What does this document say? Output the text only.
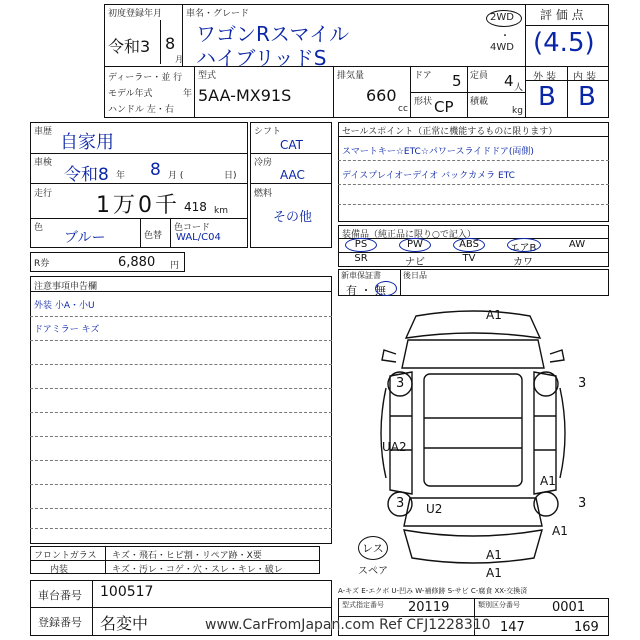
初度登録年月
令和3 8
月
車名・グレード
ワゴンRスマイル
ハイブリッドS
2WD
・
4WD
評 価 点
(4.5)
ディーラー・並 行
モデル年式	年
ハンドル 左・右
型式
5AA-MX91S
排気量
660
cc
ドア 5 定員 4 人
形状 CP 積載
kg
外 装 内 装
B B
車歴 自家用
車検
令和8 年 8 月 (	日)
走行 1万0千 418 km
色
ブルー	色替
色コード
WAL/C04
シフト
CAT
冷房
AAC
燃料
その他
R券	6,880 円
セールスポイント（正常に機能するものに限ります）
スマートキー☆ETC☆パワースライドドア(両側)
デイスプレイオーデイオ バックカメラ ETC
装備品（純正品に限り○で記入）
PS	PW	ABS	エアB	AW
SR	ナビ	TV	カワ
新車保証書
有 ・ 無
後日品
注意事項申告欄
外装 小A・小U
ドアミラー キズ
A1
3	3
UA2
A1
3 U2	3
A1
A1
A1
レス
スペア
フロントガラス キズ・飛石・ヒビ割・リペア跡・X要
内装	キズ・汚レ・コゲ・穴・スレ・キレ・破レ
車台番号 100517
登録番号 名変中
A-キズ E-エクボ U-凹み W-補修跡 S-サビ C-腐食 XX-交換済
型式指定番号 20119	類別区分番号 0001
147	169
www.CarFromJapan.com Ref CFJ1228310
